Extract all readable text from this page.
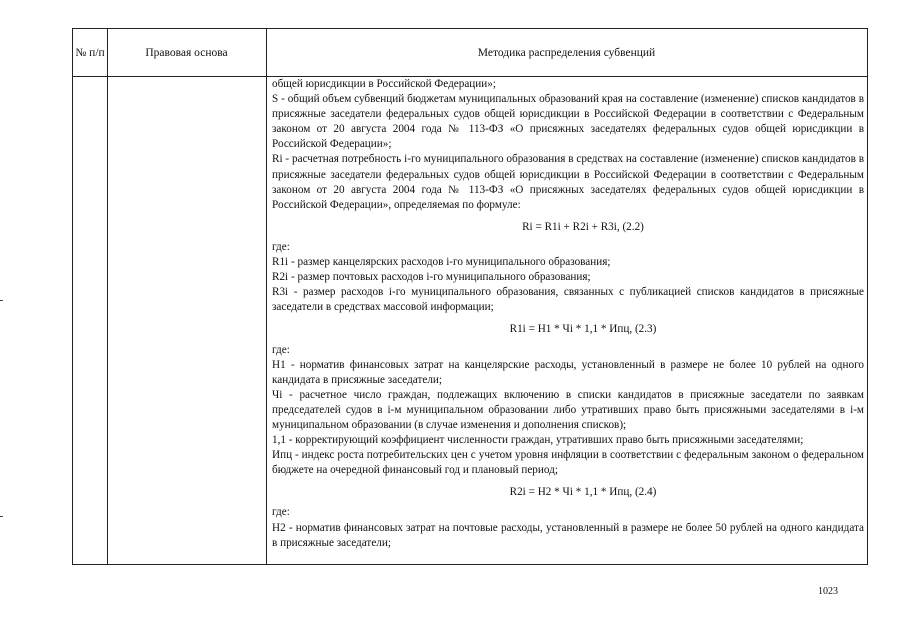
№ п/п	Правовая основа	Методика распределения субвенций

общей юрисдикции в Российской Федерации»;

S - общий объем субвенций бюджетам муниципальных образований края на составление (изменение) списков кандидатов в присяжные заседатели федеральных судов общей юрисдикции в Российской Федерации в соответствии с Федеральным законом от 20 августа 2004 года № 113-ФЗ «О присяжных заседателях федеральных судов общей юрисдикции в Российской Федерации»;

Ri - расчетная потребность i-го муниципального образования в средствах на составление (изменение) списков кандидатов в присяжные заседатели федеральных судов общей юрисдикции в Российской Федерации в соответствии с Федеральным законом от 20 августа 2004 года № 113-ФЗ «О присяжных заседателях федеральных судов общей юрисдикции в Российской Федерации», определяемая по формуле:

Ri = R1i + R2i + R3i, (2.2)

где:

R1i - размер канцелярских расходов i-го муниципального образования;

R2i - размер почтовых расходов i-го муниципального образования;

R3i - размер расходов i-го муниципального образования, связанных с публикацией списков кандидатов в присяжные заседатели в средствах массовой информации;

R1i = H1 * Чi * 1,1 * Ипц, (2.3)

где:

H1 - норматив финансовых затрат на канцелярские расходы, установленный в размере не более 10 рублей на одного кандидата в присяжные заседатели;

Чi - расчетное число граждан, подлежащих включению в списки кандидатов в присяжные заседатели по заявкам председателей судов в i-м муниципальном образовании либо утративших право быть присяжными заседателями в i-м муниципальном образовании (в случае изменения и дополнения списков);

1,1 - корректирующий коэффициент численности граждан, утративших право быть присяжными заседателями;

Ипц - индекс роста потребительских цен с учетом уровня инфляции в соответствии с федеральным законом о федеральном бюджете на очередной финансовый год и плановый период;

R2i = H2 * Чi * 1,1 * Ипц, (2.4)

где:

H2 - норматив финансовых затрат на почтовые расходы, установленный в размере не более 50 рублей на одного кандидата в присяжные заседатели;

1023
